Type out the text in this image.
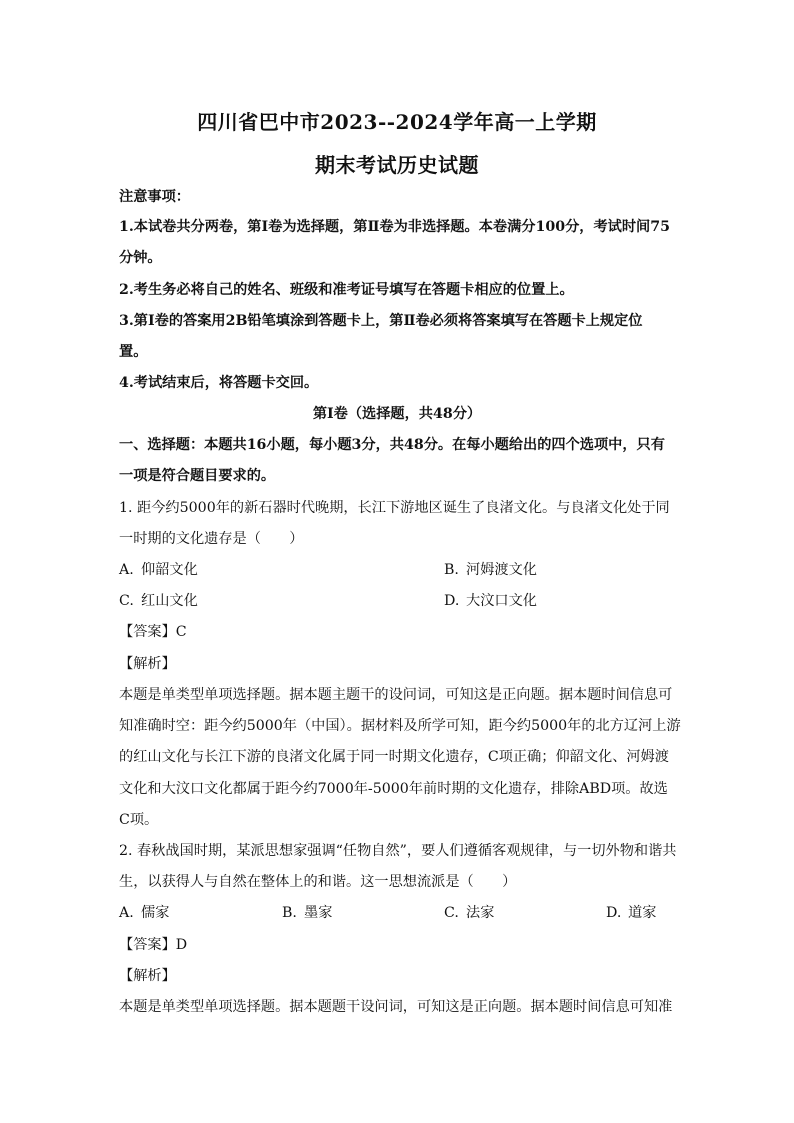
四川省巴中市2023--2024学年高一上学期
期末考试历史试题
注意事项：
1.本试卷共分两卷，第Ⅰ卷为选择题，第Ⅱ卷为非选择题。本卷满分100分，考试时间75
分钟。
2.考生务必将自己的姓名、班级和准考证号填写在答题卡相应的位置上。
3.第Ⅰ卷的答案用2B铅笔填涂到答题卡上，第Ⅱ卷必须将答案填写在答题卡上规定位
置。
4.考试结束后，将答题卡交回。
第Ⅰ卷（选择题，共48分）
一、选择题：本题共16小题，每小题3分，共48分。在每小题给出的四个选项中，只有
一项是符合题目要求的。
1. 距今约5000年的新石器时代晚期，长江下游地区诞生了良渚文化。与良渚文化处于同
一时期的文化遗存是（　　）
A. 仰韶文化	B. 河姆渡文化
C. 红山文化	D. 大汶口文化
【答案】C
【解析】
本题是单类型单项选择题。据本题主题干的设问词，可知这是正向题。据本题时间信息可
知准确时空：距今约5000年（中国）。据材料及所学可知，距今约5000年的北方辽河上游
的红山文化与长江下游的良渚文化属于同一时期文化遗存，C项正确；仰韶文化、河姆渡
文化和大汶口文化都属于距今约7000年-5000年前时期的文化遗存，排除ABD项。故选
C项。
2. 春秋战国时期，某派思想家强调“任物自然”，要人们遵循客观规律，与一切外物和谐共
生，以获得人与自然在整体上的和谐。这一思想流派是（　　）
A. 儒家	B. 墨家	C. 法家	D. 道家
【答案】D
【解析】
本题是单类型单项选择题。据本题题干设问词，可知这是正向题。据本题时间信息可知准
